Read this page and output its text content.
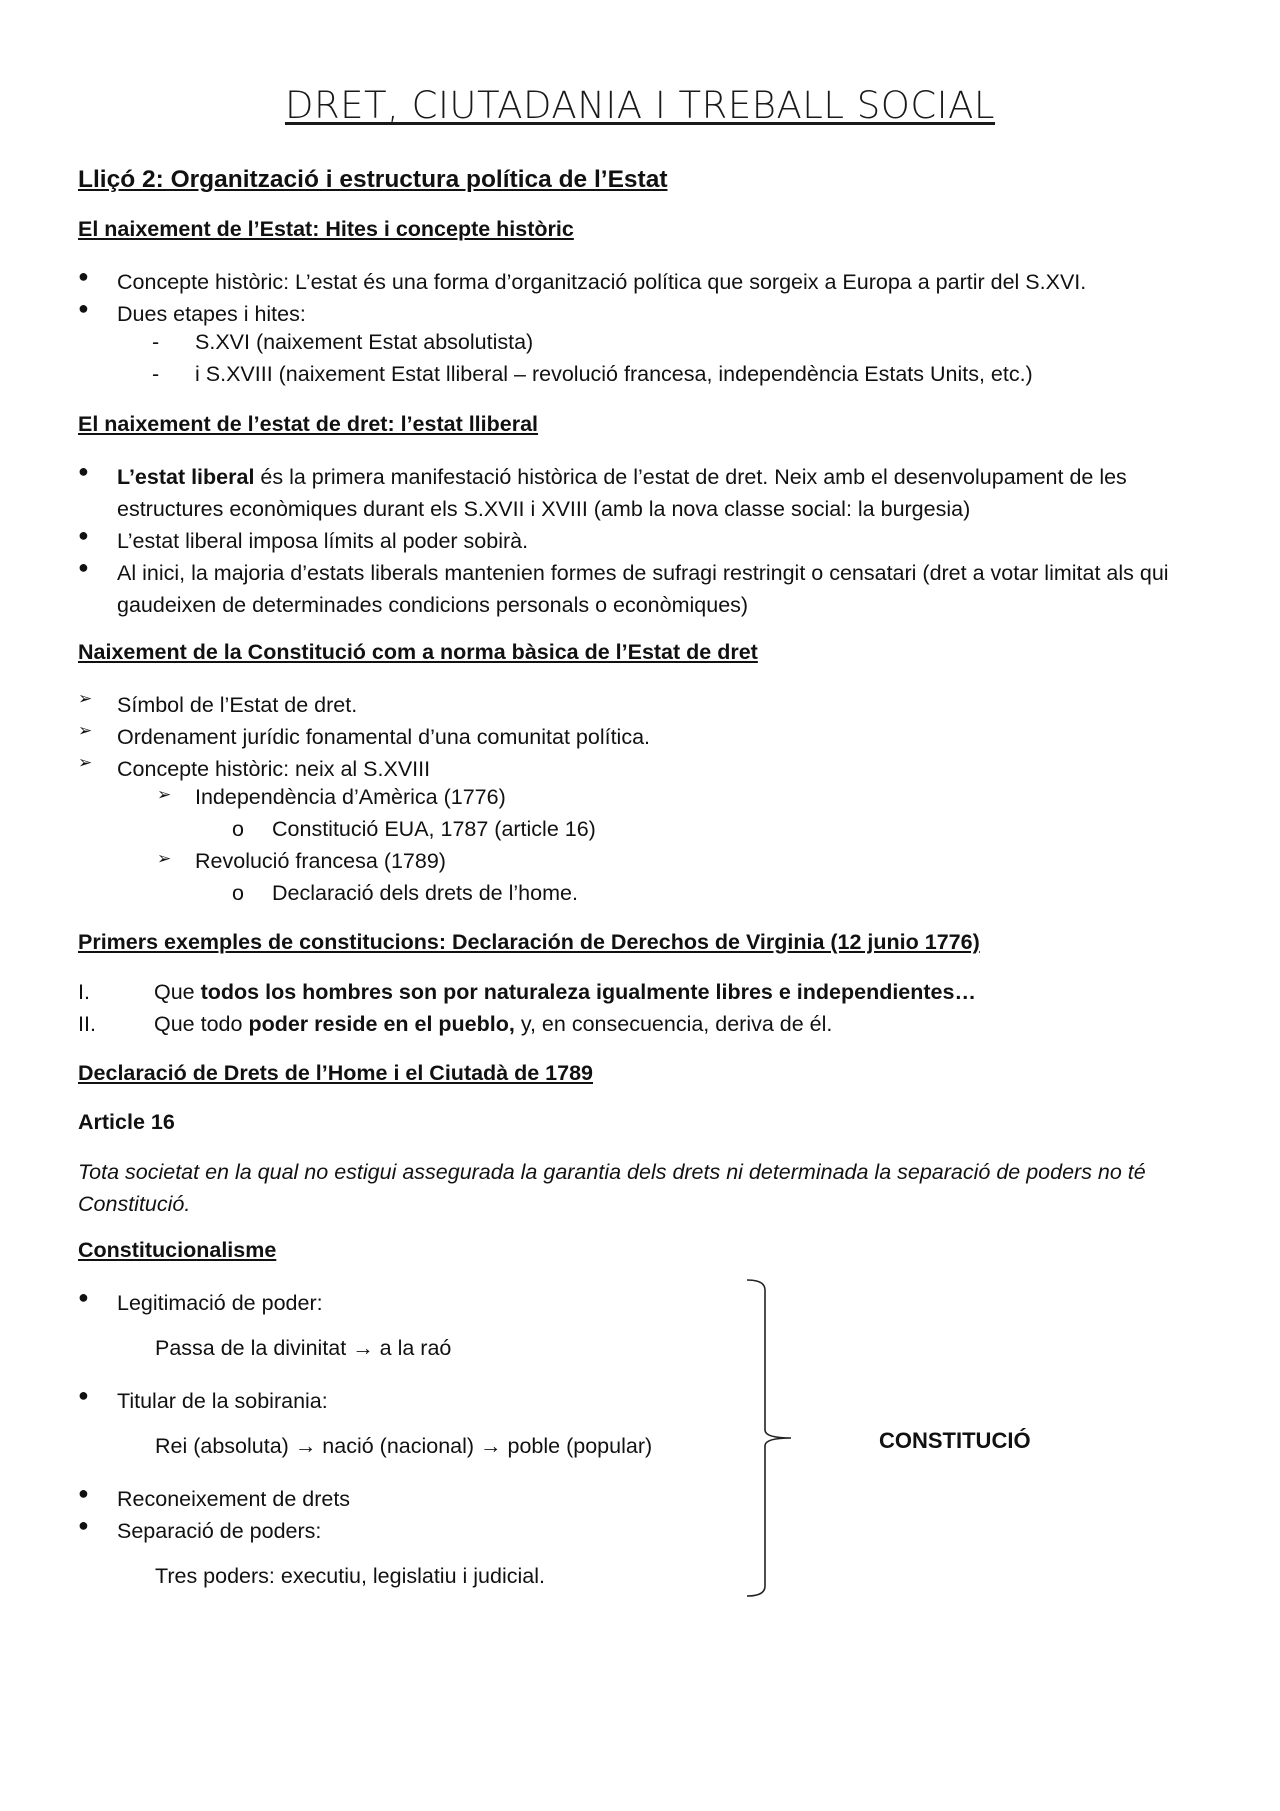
DRET, CIUTADANIA I TREBALL SOCIAL
Lliçó 2: Organització i estructura política de l’Estat
El naixement de l’Estat: Hites i concepte històric
●	Concepte històric: L’estat és una forma d’organització política que sorgeix a Europa a partir del S.XVI.
●	Dues etapes i hites:
- S.XVI (naixement Estat absolutista)
- i S.XVIII (naixement Estat lliberal – revolució francesa, independència Estats Units, etc.)
El naixement de l’estat de dret: l’estat lliberal
●	L’estat liberal és la primera manifestació històrica de l’estat de dret. Neix amb el desenvolupament de les estructures econòmiques durant els S.XVII i XVIII (amb la nova classe social: la burgesia)
●	L’estat liberal imposa límits al poder sobirà.
●	Al inici, la majoria d’estats liberals mantenien formes de sufragi restringit o censatari (dret a votar limitat als qui gaudeixen de determinades condicions personals o econòmiques)
Naixement de la Constitució com a norma bàsica de l’Estat de dret
➢	Símbol de l’Estat de dret.
➢	Ordenament jurídic fonamental d’una comunitat política.
➢	Concepte històric: neix al S.XVIII
➢ Independència d’Amèrica (1776)
o Constitució EUA, 1787 (article 16)
➢ Revolució francesa (1789)
o Declaració dels drets de l’home.
Primers exemples de constitucions: Declaración de Derechos de Virginia (12 junio 1776)
I.	Que todos los hombres son por naturaleza igualmente libres e independientes…
II.	Que todo poder reside en el pueblo, y, en consecuencia, deriva de él.
Declaració de Drets de l’Home i el Ciutadà de 1789
Article 16
Tota societat en la qual no estigui assegurada la garantia dels drets ni determinada la separació de poders no té Constitució.
Constitucionalisme
●	Legitimació de poder:
Passa de la divinitat → a la raó
●	Titular de la sobirania:
Rei (absoluta) → nació (nacional) → poble (popular)
●	Reconeixement de drets
●	Separació de poders:
Tres poders: executiu, legislatiu i judicial.
CONSTITUCIÓ
